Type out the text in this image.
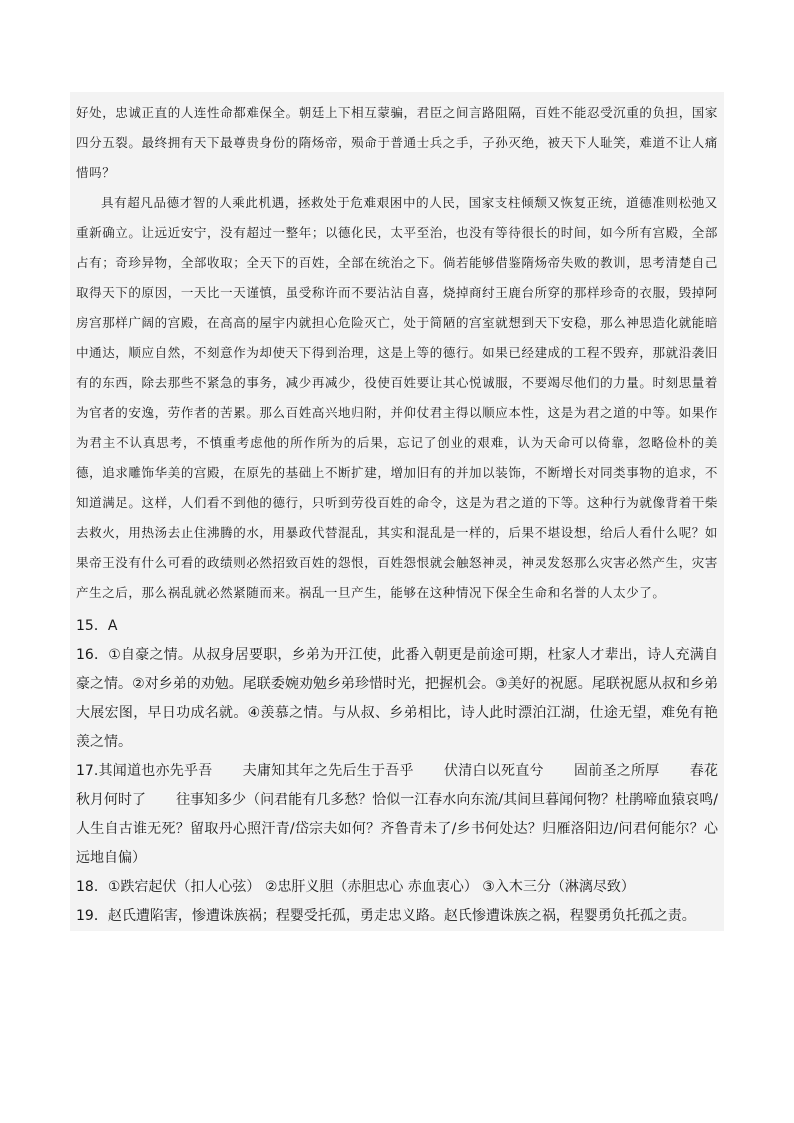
好处，忠诚正直的人连性命都难保全。朝廷上下相互蒙骗，君臣之间言路阻隔，百姓不能忍受沉重的负担，国家四分五裂。最终拥有天下最尊贵身份的隋炀帝，殒命于普通士兵之手，子孙灭绝，被天下人耻笑，难道不让人痛惜吗？

具有超凡品德才智的人乘此机遇，拯救处于危难艰困中的人民，国家支柱倾颓又恢复正统，道德准则松弛又重新确立。让远近安宁，没有超过一整年；以德化民，太平至治，也没有等待很长的时间，如今所有宫殿，全部占有；奇珍异物，全部收取；全天下的百姓，全部在统治之下。倘若能够借鉴隋炀帝失败的教训，思考清楚自己取得天下的原因，一天比一天谨慎，虽受称许而不要沾沾自喜，烧掉商纣王鹿台所穿的那样珍奇的衣服，毁掉阿房宫那样广阔的宫殿，在高高的屋宇内就担心危险灭亡，处于简陋的宫室就想到天下安稳，那么神思造化就能暗中通达，顺应自然，不刻意作为却使天下得到治理，这是上等的德行。如果已经建成的工程不毁弃，那就沿袭旧有的东西，除去那些不紧急的事务，减少再减少，役使百姓要让其心悦诚服，不要竭尽他们的力量。时刻思量着为官者的安逸，劳作者的苦累。那么百姓高兴地归附，并仰仗君主得以顺应本性，这是为君之道的中等。如果作为君主不认真思考，不慎重考虑他的所作所为的后果，忘记了创业的艰难，认为天命可以倚靠，忽略俭朴的美德，追求雕饰华美的宫殿，在原先的基础上不断扩建，增加旧有的并加以装饰，不断增长对同类事物的追求，不知道满足。这样，人们看不到他的德行，只听到劳役百姓的命令，这是为君之道的下等。这种行为就像背着干柴去救火，用热汤去止住沸腾的水，用暴政代替混乱，其实和混乱是一样的，后果不堪设想，给后人看什么呢？如果帝王没有什么可看的政绩则必然招致百姓的怨恨，百姓怨恨就会触怒神灵，神灵发怒那么灾害必然产生，灾害产生之后，那么祸乱就必然紧随而来。祸乱一旦产生，能够在这种情况下保全生命和名誉的人太少了。

15．A

16．①自豪之情。从叔身居要职，乡弟为开江使，此番入朝更是前途可期，杜家人才辈出，诗人充满自豪之情。②对乡弟的劝勉。尾联委婉劝勉乡弟珍惜时光，把握机会。③美好的祝愿。尾联祝愿从叔和乡弟大展宏图，早日功成名就。④羡慕之情。与从叔、乡弟相比，诗人此时漂泊江湖，仕途无望，难免有艳羡之情。

17.其闻道也亦先乎吾 夫庸知其年之先后生于吾乎 伏清白以死直兮 固前圣之所厚 春花秋月何时了 往事知多少（问君能有几多愁？恰似一江春水向东流/其间旦暮闻何物？杜鹃啼血猿哀鸣/人生自古谁无死？留取丹心照汗青/岱宗夫如何？齐鲁青未了/乡书何处达？归雁洛阳边/问君何能尔？心远地自偏）

18．①跌宕起伏（扣人心弦） ②忠肝义胆（赤胆忠心 赤血衷心） ③入木三分（淋漓尽致）

19．赵氏遭陷害，惨遭诛族祸；程婴受托孤，勇走忠义路。赵氏惨遭诛族之祸，程婴勇负托孤之责。
